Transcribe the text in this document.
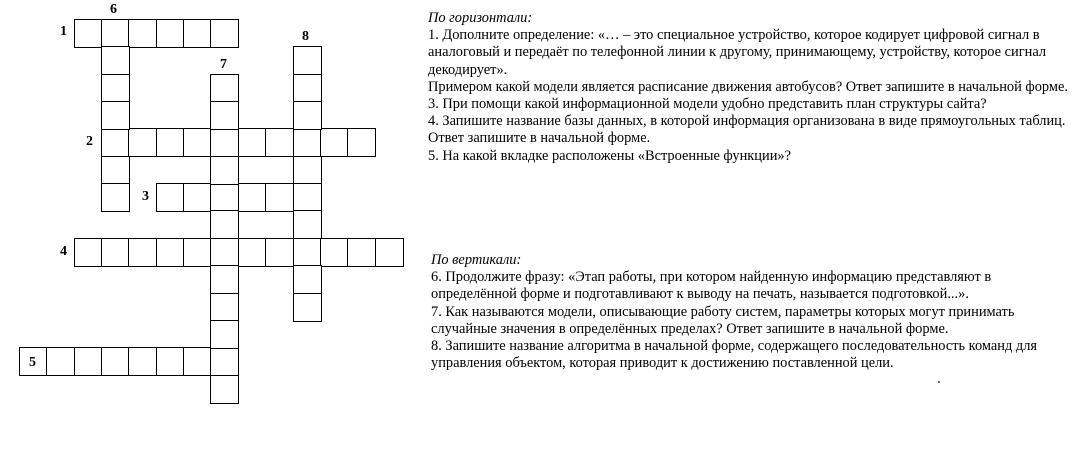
1
2
3
4
5
6
7
8
По горизонтали:

1. Дополните определение: «… – это специальное устройство, которое кодирует цифровой сигнал в аналоговый и передаёт по телефонной линии к другому, принимающему, устройству, которое сигнал декодирует».

Примером какой модели является расписание движения автобусов? Ответ запишите в начальной форме.

3. При помощи какой информационной модели удобно представить план структуры сайта?

4. Запишите название базы данных, в которой информация организована в виде прямоугольных таблиц. Ответ запишите в начальной форме.

5. На какой вкладке расположены «Встроенные функции»?

По вертикали:

6. Продолжите фразу: «Этап работы, при котором найденную информацию представляют в определённой форме и подготавливают к выводу на печать, называется подготовкой...».

7. Как называются модели, описывающие работу систем, параметры которых могут принимать случайные значения в определённых пределах? Ответ запишите в начальной форме.

8. Запишите название алгоритма в начальной форме, содержащего последовательность команд для управления объектом, которая приводит к достижению поставленной цели.
